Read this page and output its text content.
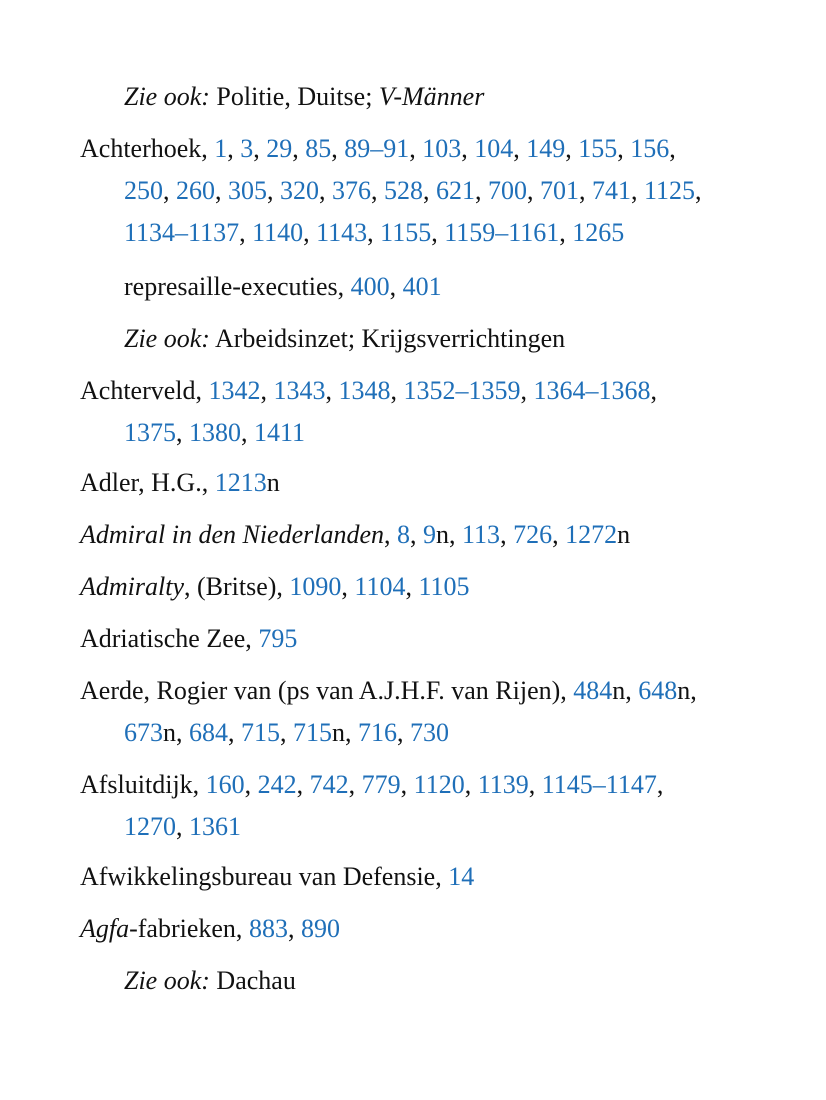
Zie ook: Politie, Duitse; V-Männer
Achterhoek, 1, 3, 29, 85, 89–91, 103, 104, 149, 155, 156,
250, 260, 305, 320, 376, 528, 621, 700, 701, 741, 1125,
1134–1137, 1140, 1143, 1155, 1159–1161, 1265
represaille-executies, 400, 401
Zie ook: Arbeidsinzet; Krijgsverrichtingen
Achterveld, 1342, 1343, 1348, 1352–1359, 1364–1368,
1375, 1380, 1411
Adler, H.G., 1213n
Admiral in den Niederlanden, 8, 9n, 113, 726, 1272n
Admiralty, (Britse), 1090, 1104, 1105
Adriatische Zee, 795
Aerde, Rogier van (ps van A.J.H.F. van Rijen), 484n, 648n,
673n, 684, 715, 715n, 716, 730
Afsluitdijk, 160, 242, 742, 779, 1120, 1139, 1145–1147,
1270, 1361
Afwikkelingsbureau van Defensie, 14
Agfa-fabrieken, 883, 890
Zie ook: Dachau
